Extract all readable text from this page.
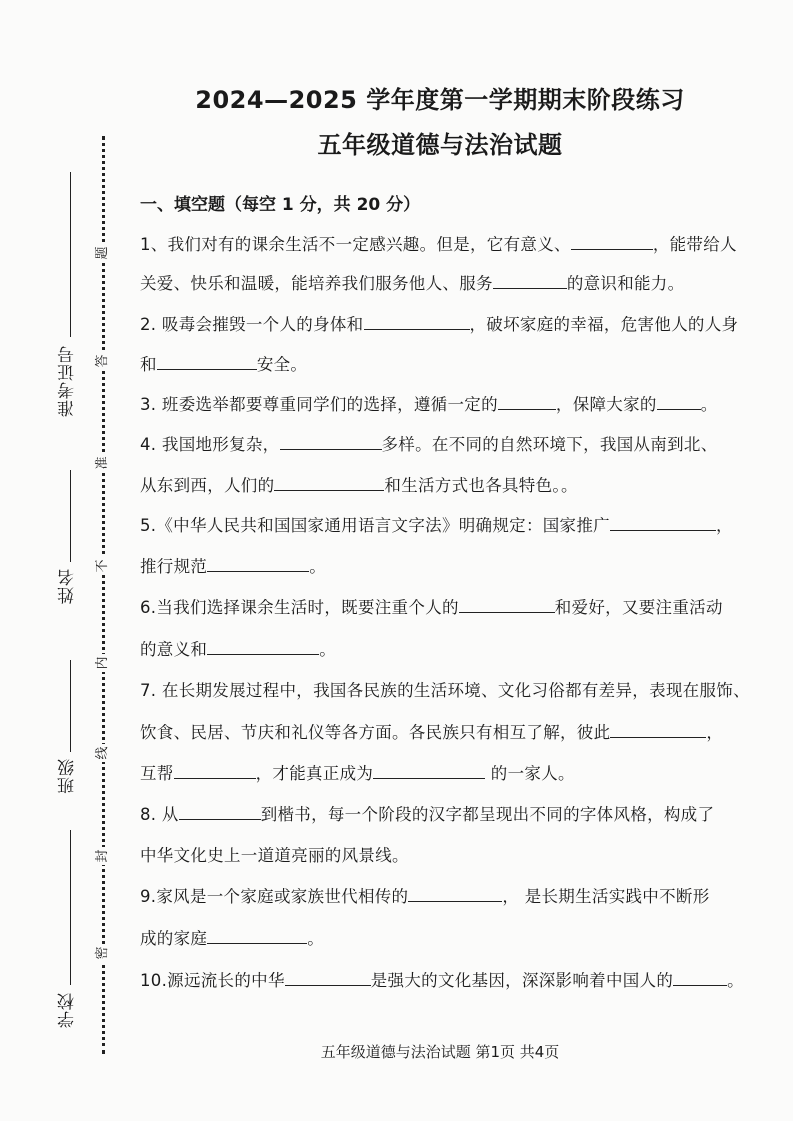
准考证号
姓名
班级
学校
题
答
准
不
内
线
封
密
2024—2025 学年度第一学期期末阶段练习
五年级道德与法治试题
一、填空题（每空 1 分，共 20 分）
1、我们对有的课余生活不一定感兴趣。但是，它有意义、	，能带给人
关爱、快乐和温暖，能培养我们服务他人、服务	的意识和能力。
2. 吸毒会摧毁一个人的身体和	，破坏家庭的幸福，危害他人的人身
和	安全。
3. 班委选举都要尊重同学们的选择，遵循一定的	，保障大家的	。
4. 我国地形复杂，	多样。在不同的自然环境下，我国从南到北、
从东到西，人们的	和生活方式也各具特色。。
5.《中华人民共和国国家通用语言文字法》明确规定：国家推广	，
推行规范	。
6.当我们选择课余生活时，既要注重个人的	和爱好，又要注重活动
的意义和	。
7. 在长期发展过程中，我国各民族的生活环境、文化习俗都有差异，表现在服饰、
饮食、民居、节庆和礼仪等各方面。各民族只有相互了解，彼此	，
互帮	，才能真正成为	的一家人。
8. 从	到楷书，每一个阶段的汉字都呈现出不同的字体风格，构成了
中华文化史上一道道亮丽的风景线。
9.家风是一个家庭或家族世代相传的	， 是长期生活实践中不断形
成的家庭	。
10.源远流长的中华	是强大的文化基因，深深影响着中国人的	。
五年级道德与法治试题 第1页 共4页
